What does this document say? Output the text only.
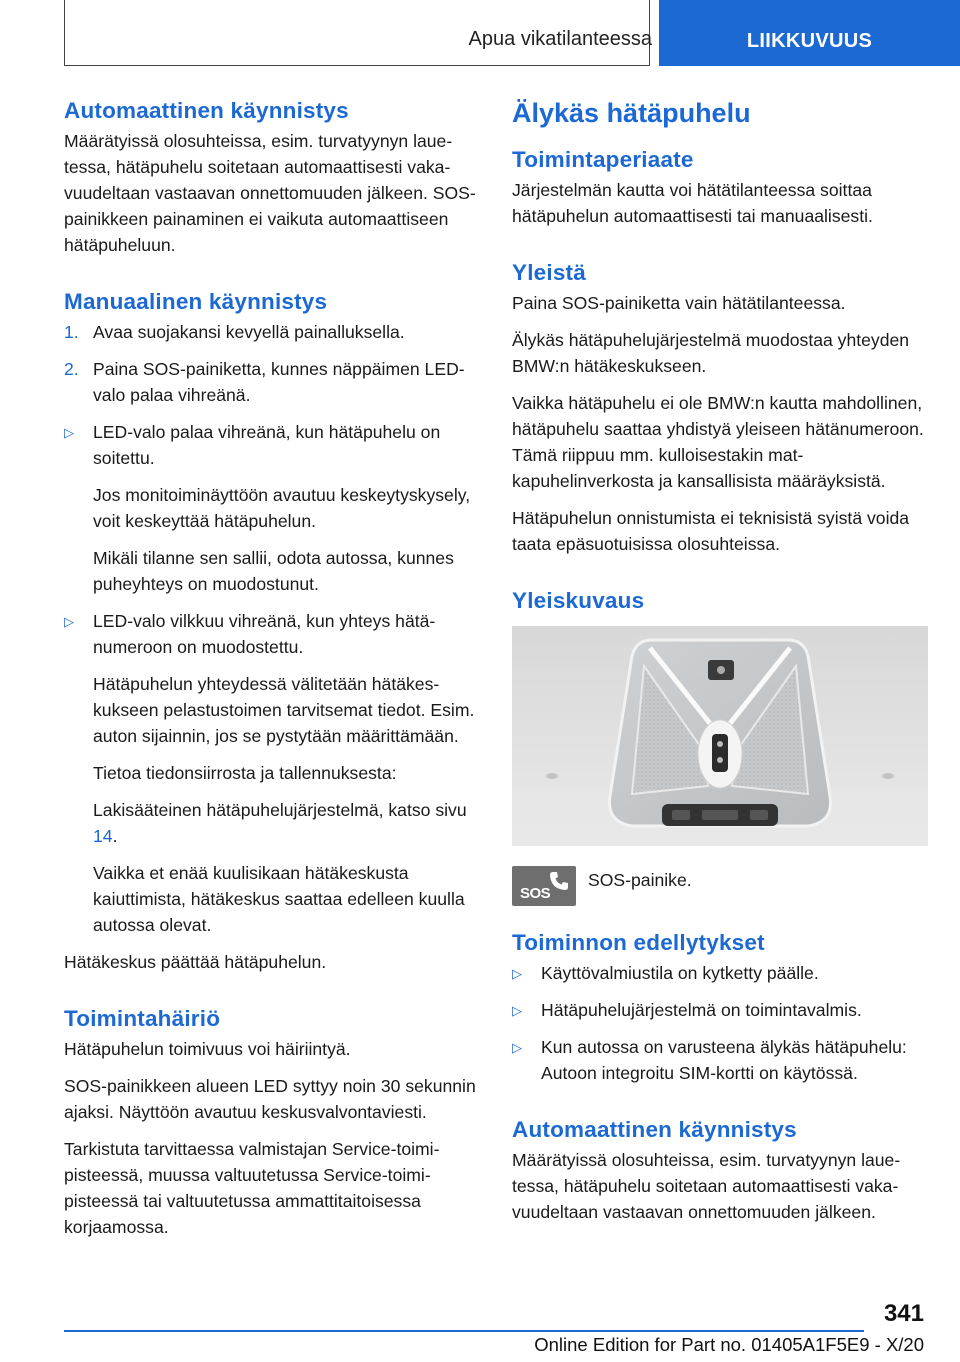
Apua vikatilanteessa	LIIKKUVUUS
Automaattinen käynnistys

Määrätyissä olosuhteissa, esim. turvatyynyn lauetessa, hätäpuhelu soitetaan automaattisesti vakavuudeltaan vastaavan onnettomuuden jälkeen. SOS-painikkeen painaminen ei vaikuta automaattiseen hätäpuheluun.

Manuaalinen käynnistys
1. Avaa suojakansi kevyellä painalluksella.
2. Paina SOS-painiketta, kunnes näppäimen LED-valo palaa vihreänä.
▷ LED-valo palaa vihreänä, kun hätäpuhelu on soitettu.
Jos monitoiminäyttöön avautuu keskeytyskysely, voit keskeyttää hätäpuhelun.
Mikäli tilanne sen sallii, odota autossa, kunnes puheyhteys on muodostunut.
▷ LED-valo vilkkuu vihreänä, kun yhteys hätänumeroon on muodostettu.
Hätäpuhelun yhteydessä välitetään hätäkeskukseen pelastustoimen tarvitsemat tiedot. Esim. auton sijainnin, jos se pystytään määrittämään.
Tietoa tiedonsiirrosta ja tallennuksesta:
Lakisääteinen hätäpuhelujärjestelmä, katso sivu 14.
Vaikka et enää kuulisikaan hätäkeskusta kaiuttimista, hätäkeskus saattaa edelleen kuulla autossa olevat.

Hätäkeskus päättää hätäpuhelun.

Toimintahäiriö

Hätäpuhelun toimivuus voi häiriintyä.

SOS-painikkeen alueen LED syttyy noin 30 sekunnin ajaksi. Näyttöön avautuu keskusvalvontaviesti.

Tarkistuta tarvittaessa valmistajan Service-toimipisteessä, muussa valtuutetussa Service-toimipisteessä tai valtuutetussa ammattitaitoisessa korjaamossa.

Älykäs hätäpuhelu
Toimintaperiaate

Järjestelmän kautta voi hätätilanteessa soittaa hätäpuhelun automaattisesti tai manuaalisesti.

Yleistä

Paina SOS-painiketta vain hätätilanteessa.

Älykäs hätäpuhelujärjestelmä muodostaa yhteyden BMW:n hätäkeskukseen.

Vaikka hätäpuhelu ei ole BMW:n kautta mahdollinen, hätäpuhelu saattaa yhdistyä yleiseen hätänumeroon. Tämä riippuu mm. kulloisestakin matkapuhelinverkosta ja kansallisista määräyksistä.

Hätäpuhelun onnistumista ei teknisistä syistä voida taata epäsuotuisissa olosuhteissa.

Yleiskuvaus
SOS

SOS-painike.

Toiminnon edellytykset
▷ Käyttövalmiustila on kytketty päälle.
▷ Hätäpuhelujärjestelmä on toimintavalmis.
▷ Kun autossa on varusteena älykäs hätäpuhelu: Autoon integroitu SIM-kortti on käytössä.
Automaattinen käynnistys

Määrätyissä olosuhteissa, esim. turvatyynyn lauetessa, hätäpuhelu soitetaan automaattisesti vakavuudeltaan vastaavan onnettomuuden jälkeen.

341
Online Edition for Part no. 01405A1F5E9 - X/20
